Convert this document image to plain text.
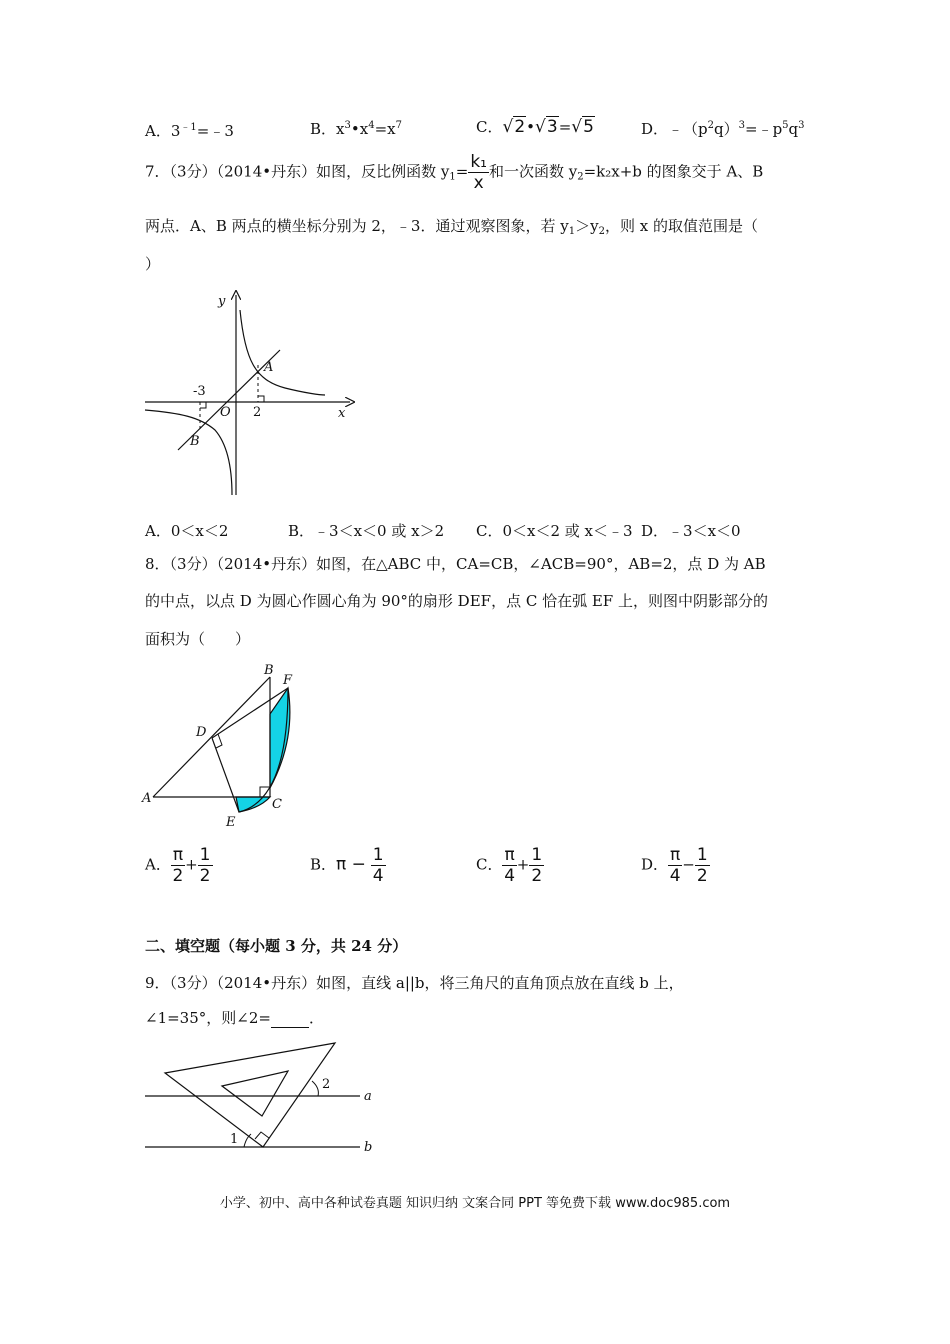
A．$3^{﹣1}=﹣3$	B．$x^3•x^4=x^7$	C．√2•√3=√5	D．$﹣(p^2q)^3=﹣p^5q^3$
7．（3分）（2014•丹东）如图，反比例函数 $y_1= \frac{\text{k₁}}{x}$ 和一次函数 $y_2=k_2x+b$ 的图象交于 A、B
两点．A、B 两点的横坐标分别为 2，﹣3．通过观察图象，若 $y_1>y_2$，则 x 的取值范围是（
）
y
x
O
A
B
-3
2
A．0＜x＜2	B．﹣3＜x＜0 或 x＞2 C．0＜x＜2 或 x＜﹣3 D．﹣3＜x＜0
8．（3分）（2014•丹东）如图，在△ABC 中，CA=CB，∠ACB=90°，AB=2，点 D 为 AB
的中点，以点 D 为圆心作圆心角为 90°的扇形 DEF，点 C 恰在弧 EF 上，则图中阴影部分的
面积为（　　）
A
B
C
D
E
F
A． $\frac{\pi}{2} + \frac{1}{2}$	B．$\pi - \frac{1}{4}$	C． $\frac{\pi}{4} + \frac{1}{2}$	D． $\frac{\pi}{4} - \frac{1}{2}$
二、填空题（每小题 3 分，共 24 分）
9．（3分）（2014•丹东）如图，直线 a||b，将三角尺的直角顶点放在直线 b 上，
∠1=35°，则∠2=	．
1
2
a
b
小学、初中、高中各种试卷真题 知识归纳 文案合同 PPT 等免费下载 www.doc985.com
